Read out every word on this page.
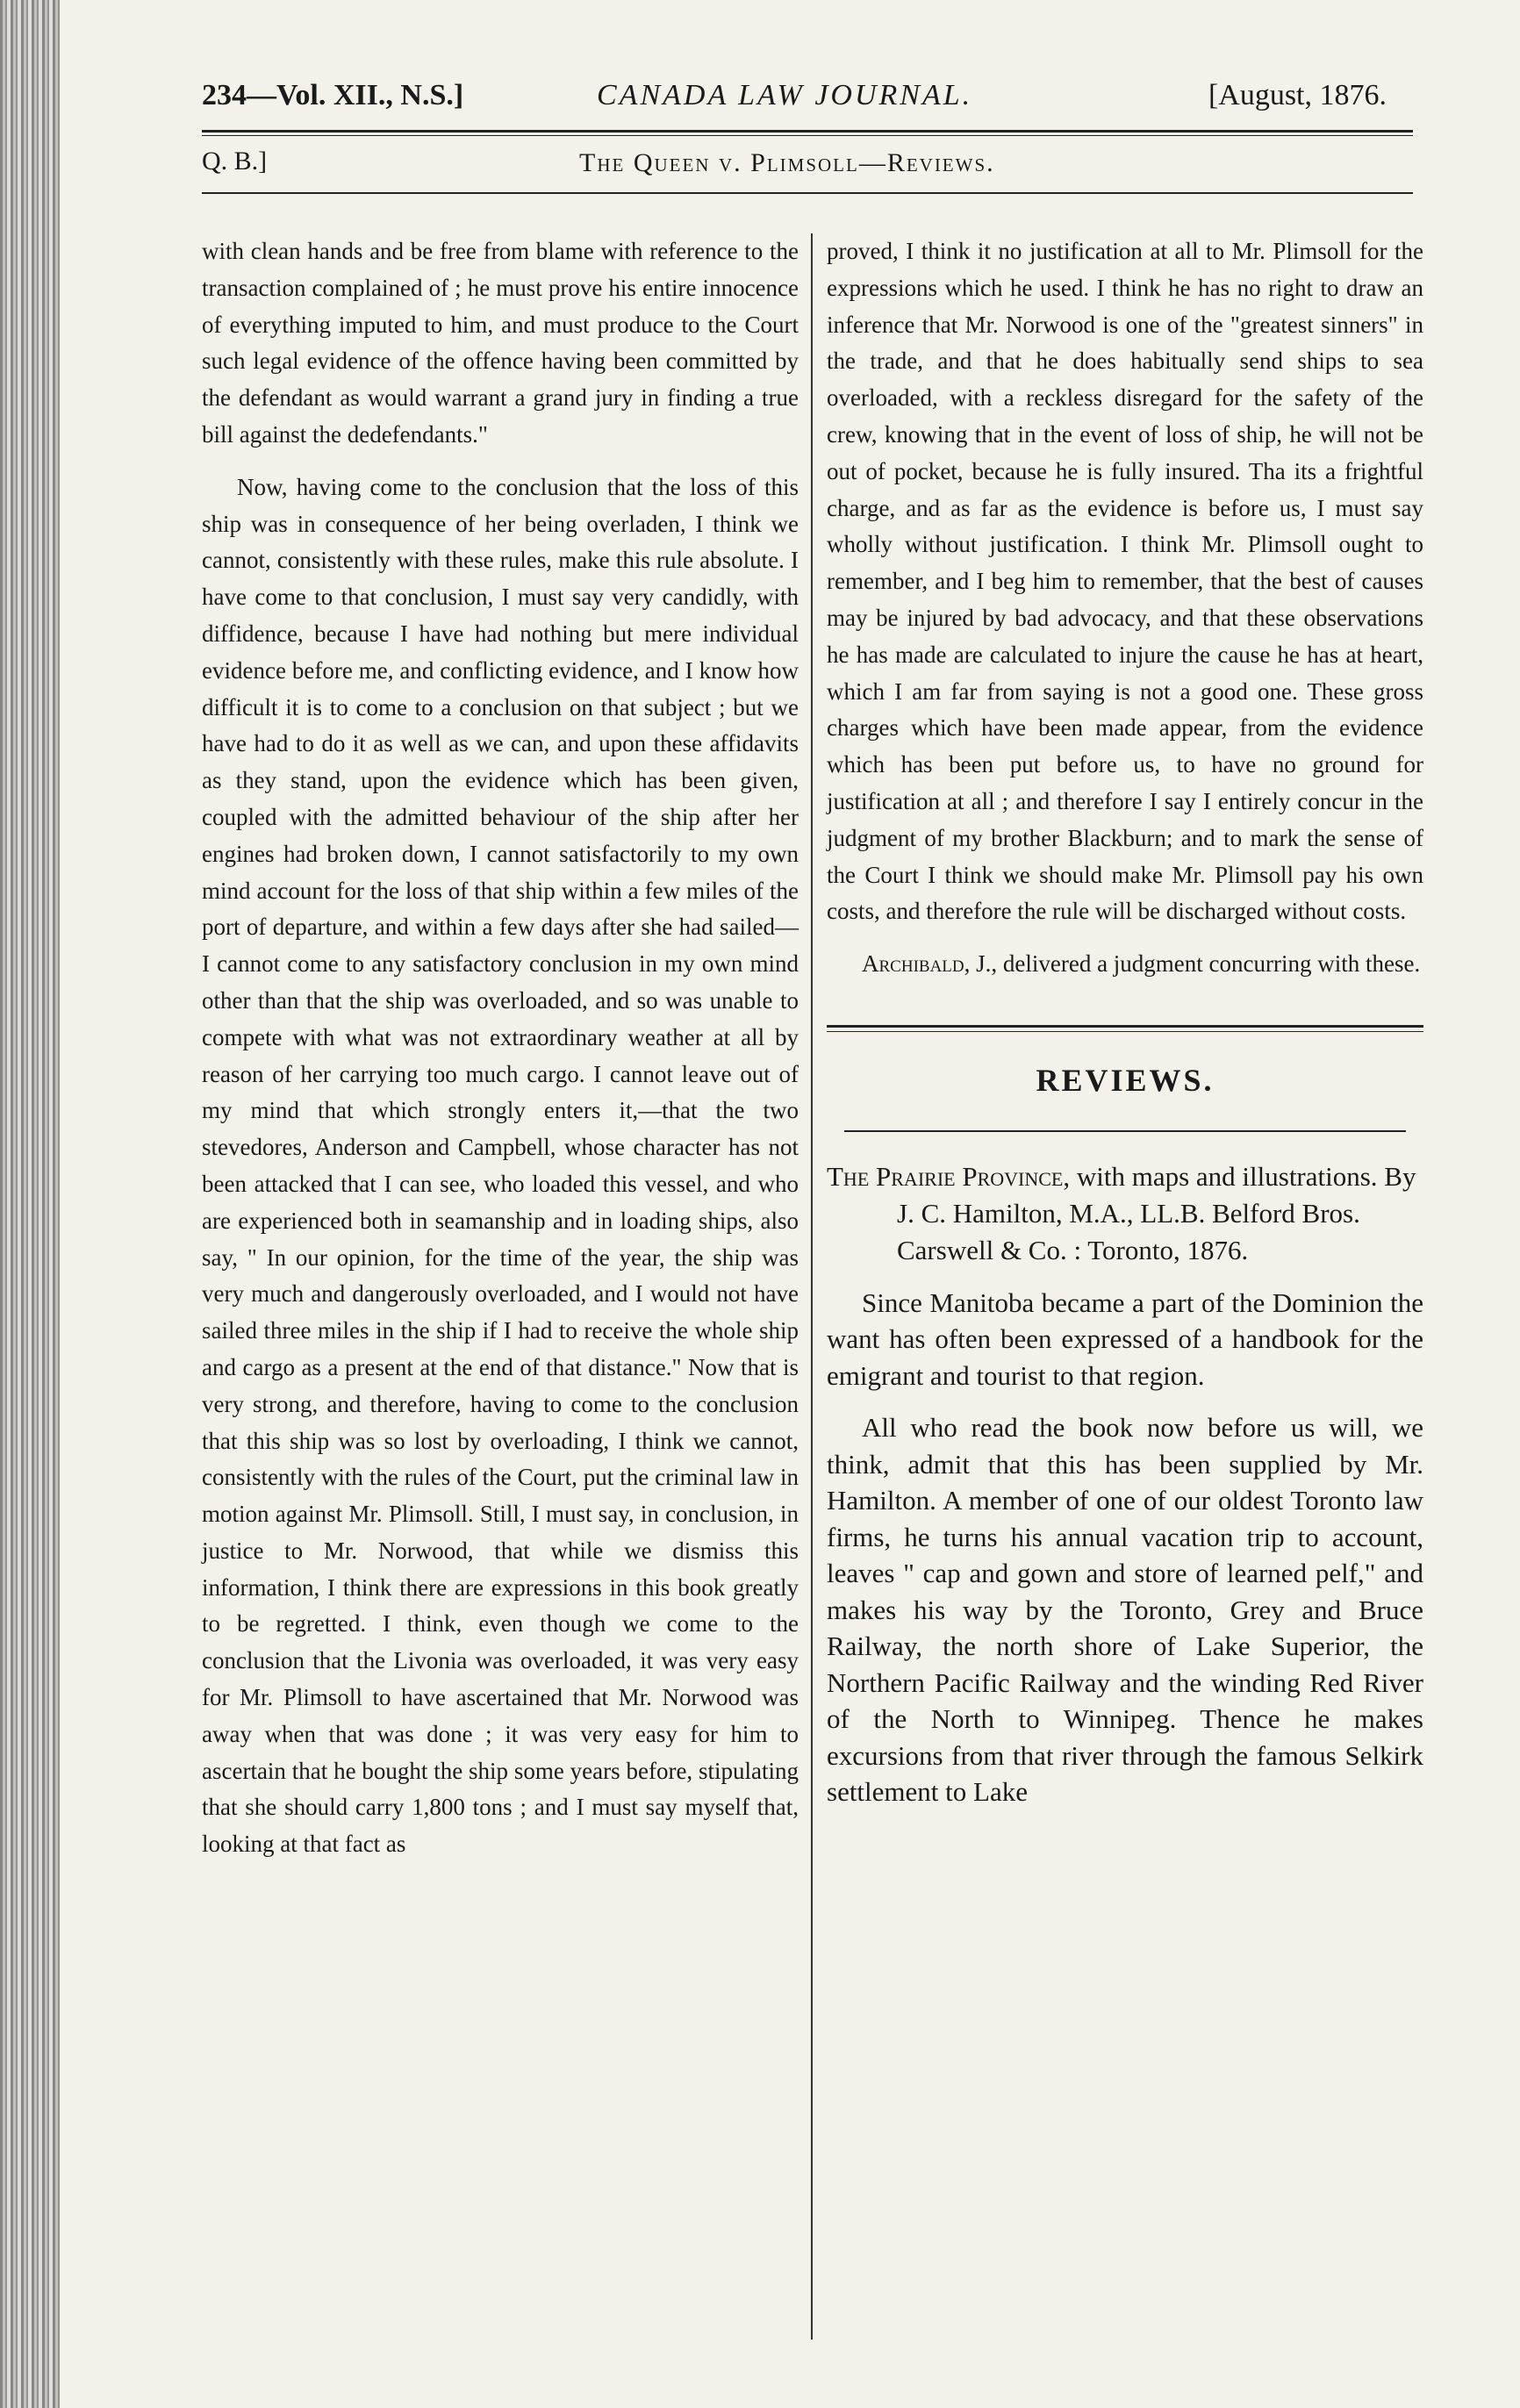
234—Vol. XII., N.S.]	CANADA LAW JOURNAL.	[August, 1876.
Q. B.]	The Queen v. Plimsoll—Reviews.

with clean hands and be free from blame with reference to the transaction complained of ; he must prove his entire innocence of everything imputed to him, and must produce to the Court such legal evidence of the offence having been committed by the defendant as would warrant a grand jury in finding a true bill against the dedefendants."

Now, having come to the conclusion that the loss of this ship was in consequence of her being overladen, I think we cannot, consistently with these rules, make this rule absolute. I have come to that conclusion, I must say very candidly, with diffidence, because I have had nothing but mere individual evidence before me, and conflicting evidence, and I know how difficult it is to come to a conclusion on that subject ; but we have had to do it as well as we can, and upon these affidavits as they stand, upon the evidence which has been given, coupled with the admitted behaviour of the ship after her engines had broken down, I cannot satisfactorily to my own mind account for the loss of that ship within a few miles of the port of departure, and within a few days after she had sailed—I cannot come to any satisfactory conclusion in my own mind other than that the ship was overloaded, and so was unable to compete with what was not extraordinary weather at all by reason of her carrying too much cargo. I cannot leave out of my mind that which strongly enters it,—that the two stevedores, Anderson and Campbell, whose character has not been attacked that I can see, who loaded this vessel, and who are experienced both in seamanship and in loading ships, also say, " In our opinion, for the time of the year, the ship was very much and dangerously overloaded, and I would not have sailed three miles in the ship if I had to receive the whole ship and cargo as a present at the end of that distance." Now that is very strong, and therefore, having to come to the conclusion that this ship was so lost by overloading, I think we cannot, consistently with the rules of the Court, put the criminal law in motion against Mr. Plimsoll. Still, I must say, in conclusion, in justice to Mr. Norwood, that while we dismiss this information, I think there are expressions in this book greatly to be regretted. I think, even though we come to the conclusion that the Livonia was overloaded, it was very easy for Mr. Plimsoll to have ascertained that Mr. Norwood was away when that was done ; it was very easy for him to ascertain that he bought the ship some years before, stipulating that she should carry 1,800 tons ; and I must say myself that, looking at that fact as

proved, I think it no justification at all to Mr. Plimsoll for the expressions which he used. I think he has no right to draw an inference that Mr. Norwood is one of the "greatest sinners" in the trade, and that he does habitually send ships to sea overloaded, with a reckless disregard for the safety of the crew, knowing that in the event of loss of ship, he will not be out of pocket, because he is fully insured. Tha its a frightful charge, and as far as the evidence is before us, I must say wholly without justification. I think Mr. Plimsoll ought to remember, and I beg him to remember, that the best of causes may be injured by bad advocacy, and that these observations he has made are calculated to injure the cause he has at heart, which I am far from saying is not a good one. These gross charges which have been made appear, from the evidence which has been put before us, to have no ground for justification at all ; and therefore I say I entirely concur in the judgment of my brother Blackburn; and to mark the sense of the Court I think we should make Mr. Plimsoll pay his own costs, and therefore the rule will be discharged without costs.

Archibald, J., delivered a judgment concurring with these.

REVIEWS.

The Prairie Province, with maps and illustrations. By J. C. Hamilton, M.A., LL.B. Belford Bros. Carswell & Co. : Toronto, 1876.

Since Manitoba became a part of the Dominion the want has often been expressed of a handbook for the emigrant and tourist to that region.

All who read the book now before us will, we think, admit that this has been supplied by Mr. Hamilton. A member of one of our oldest Toronto law firms, he turns his annual vacation trip to account, leaves " cap and gown and store of learned pelf," and makes his way by the Toronto, Grey and Bruce Railway, the north shore of Lake Superior, the Northern Pacific Railway and the winding Red River of the North to Winnipeg. Thence he makes excursions from that river through the famous Selkirk settlement to Lake
